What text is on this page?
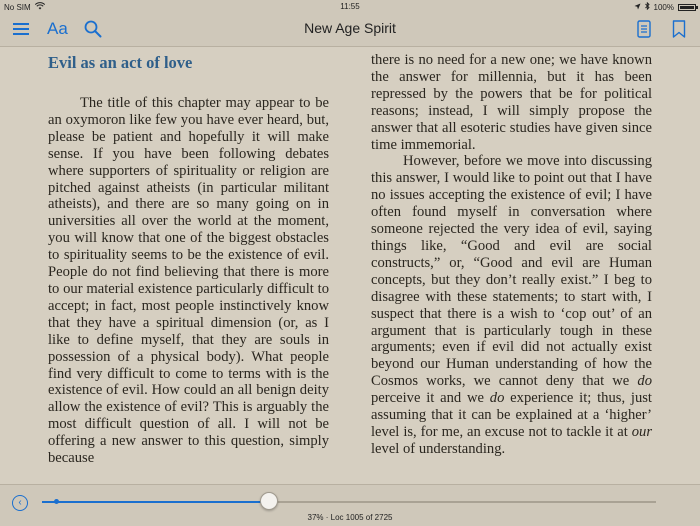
No SIM	11:55	100%
Aa	New Age Spirit
Evil as an act of love

The title of this chapter may appear to be an oxymoron like few you have ever heard, but, please be patient and hopefully it will make sense. If you have been following debates where supporters of spirituality or religion are pitched against atheists (in particular militant atheists), and there are so many going on in universities all over the world at the moment, you will know that one of the biggest obstacles to spirituality seems to be the existence of evil. People do not find believing that there is more to our material existence particularly difficult to accept; in fact, most people instinctively know that they have a spiritual dimension (or, as I like to define myself, that they are souls in possession of a physical body). What people find very difficult to come to terms with is the existence of evil. How could an all benign deity allow the existence of evil? This is arguably the most difficult question of all. I will not be offering a new answer to this question, simply because

there is no need for a new one; we have known the answer for millennia, but it has been repressed by the powers that be for political reasons; instead, I will simply propose the answer that all esoteric studies have given since time immemorial.

However, before we move into discussing this answer, I would like to point out that I have no issues accepting the existence of evil; I have often found myself in conversation where someone rejected the very idea of evil, saying things like, “Good and evil are social constructs,” or, “Good and evil are Human concepts, but they don’t really exist.” I beg to disagree with these statements; to start with, I suspect that there is a wish to ‘cop out’ of an argument that is particularly tough in these arguments; even if evil did not actually exist beyond our Human understanding of how the Cosmos works, we cannot deny that we do perceive it and we do experience it; thus, just assuming that it can be explained at a ‘higher’ level is, for me, an excuse not to tackle it at our level of understanding.

‹
37% · Loc 1005 of 2725
